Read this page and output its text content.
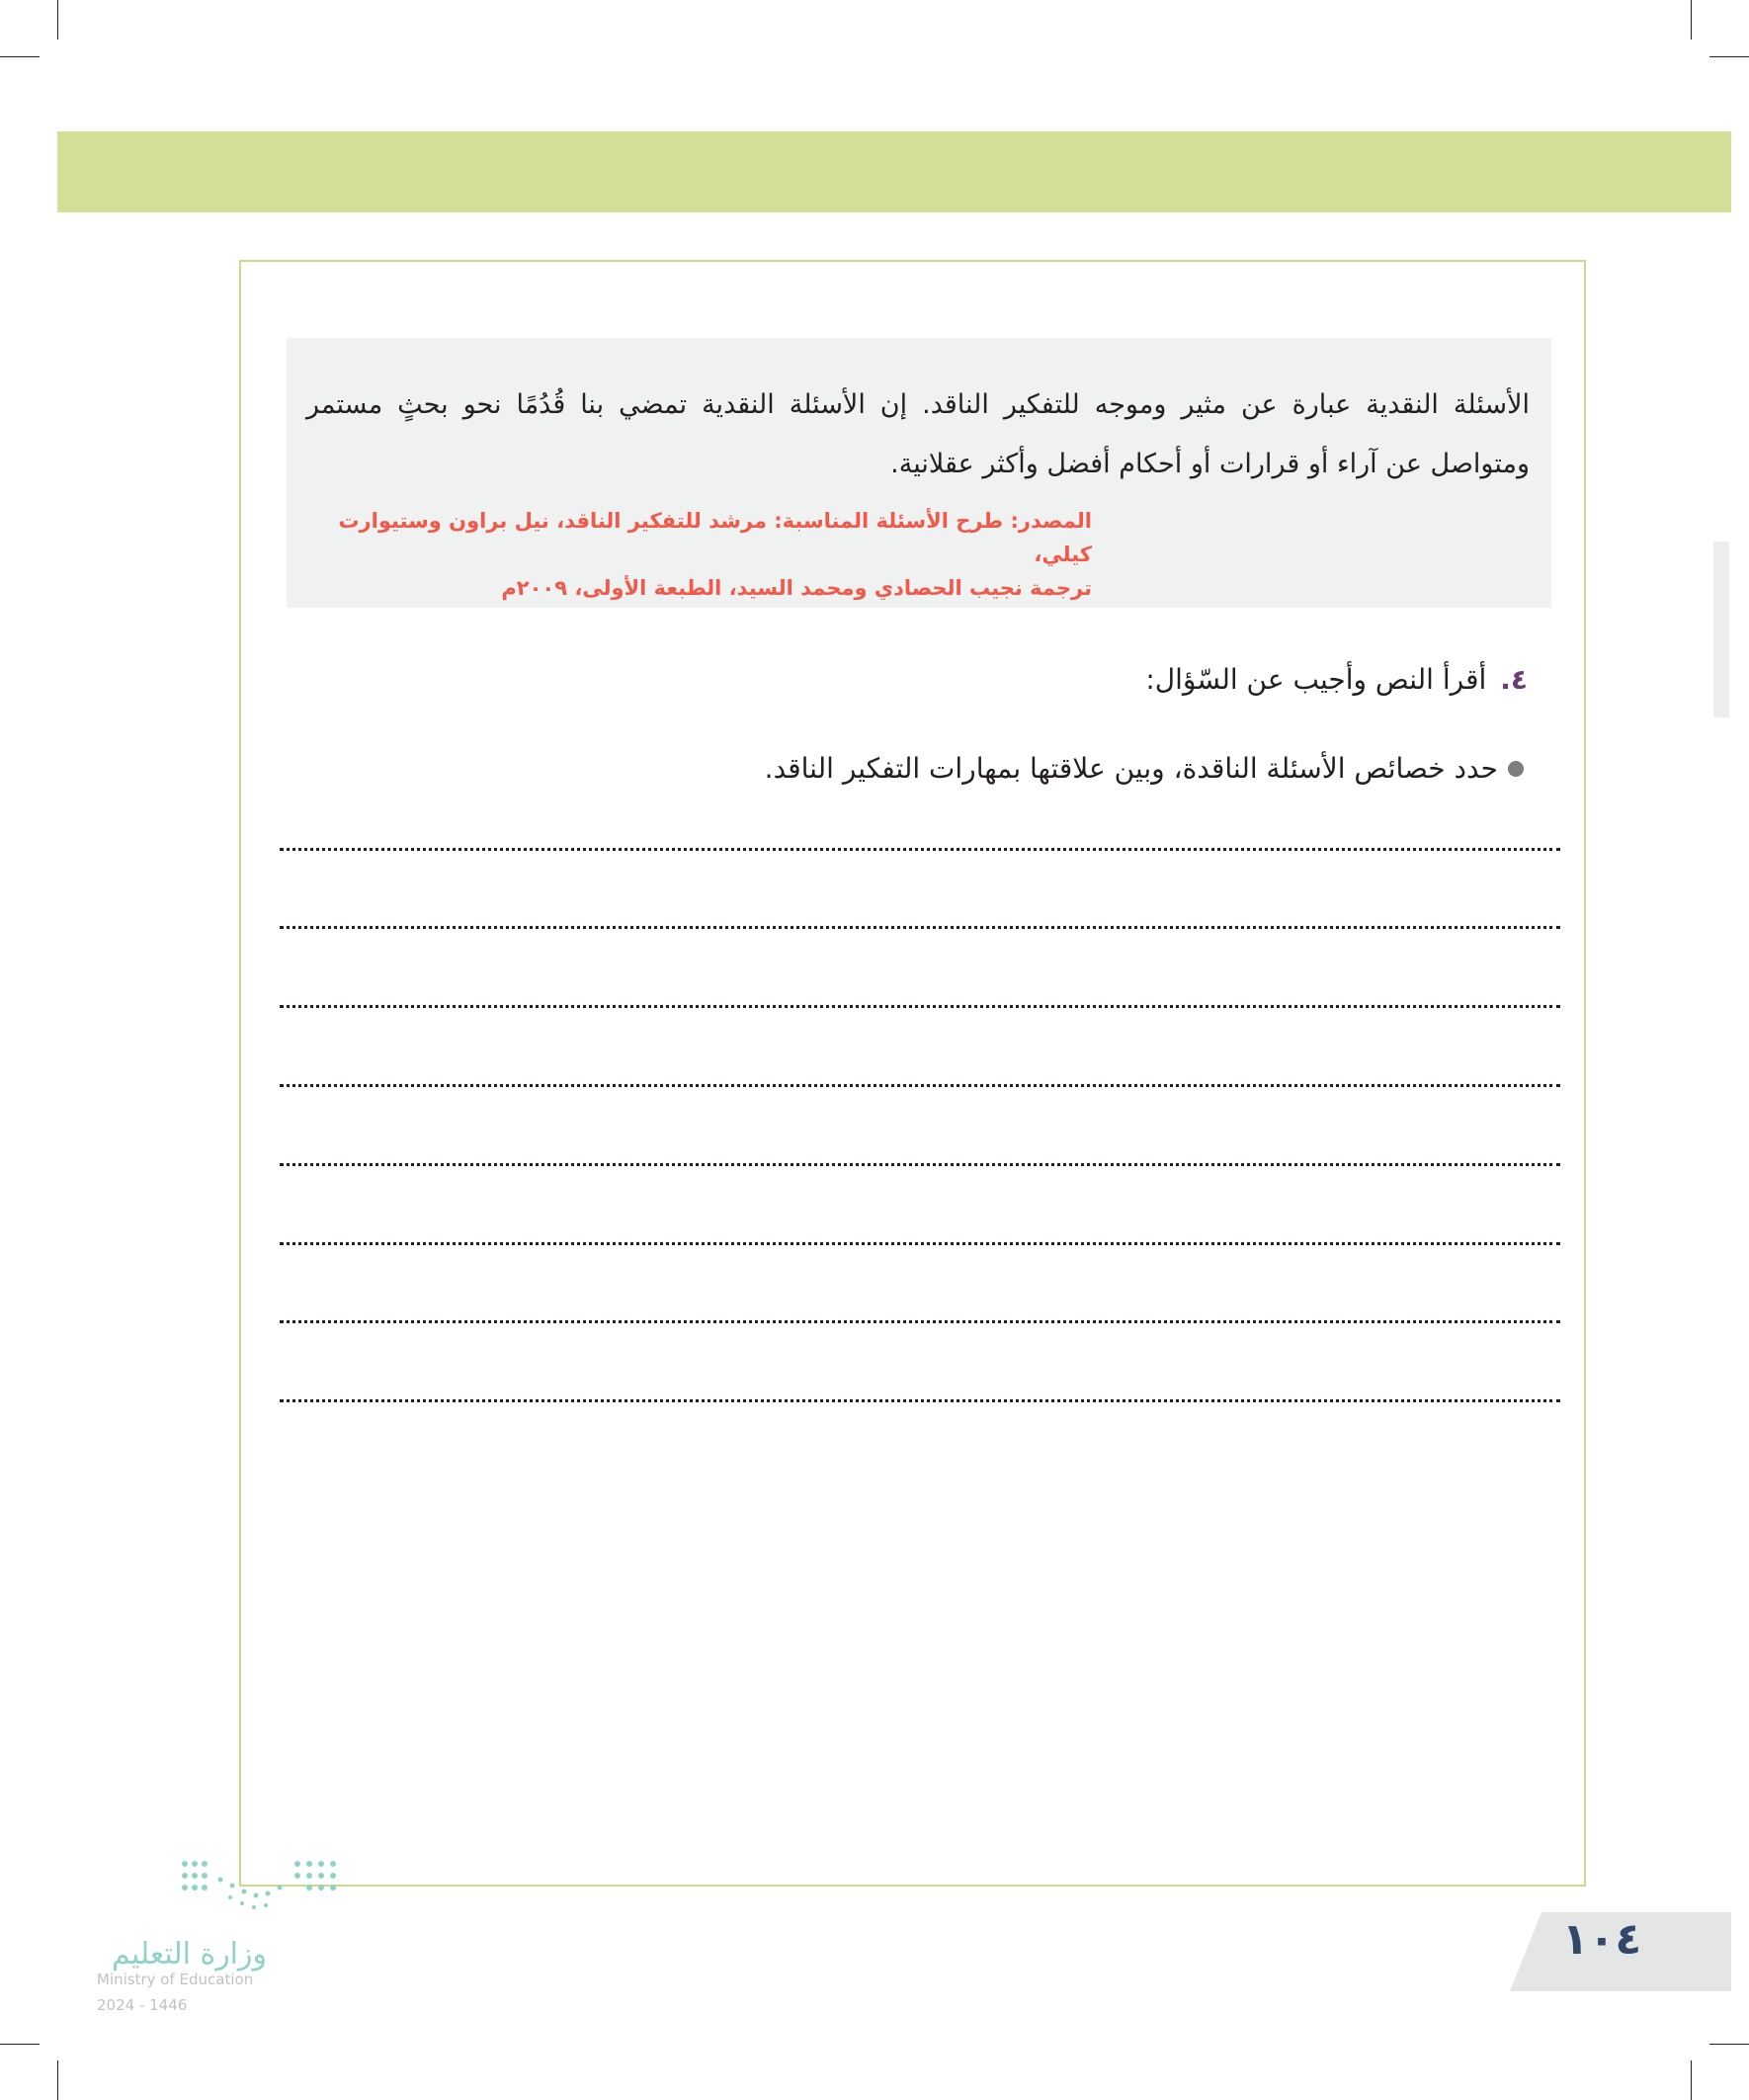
الأسئلة النقدية عبارة عن مثير وموجه للتفكير الناقد. إن الأسئلة النقدية تمضي بنا قُدُمًا نحو بحثٍ مستمر ومتواصل عن آراء أو قرارات أو أحكام أفضل وأكثر عقلانية.

المصدر: طرح الأسئلة المناسبة: مرشد للتفكير الناقد، نيل براون وستيوارت كيلي،
ترجمة نجيب الحصادي ومحمد السيد، الطبعة الأولى، ٢٠٠٩م
٤.أقرأ النص وأجيب عن السّؤال:
حدد خصائص الأسئلة الناقدة، وبين علاقتها بمهارات التفكير الناقد.
وزارة التعليم
Ministry of Education
2024 - 1446
١٠٤
